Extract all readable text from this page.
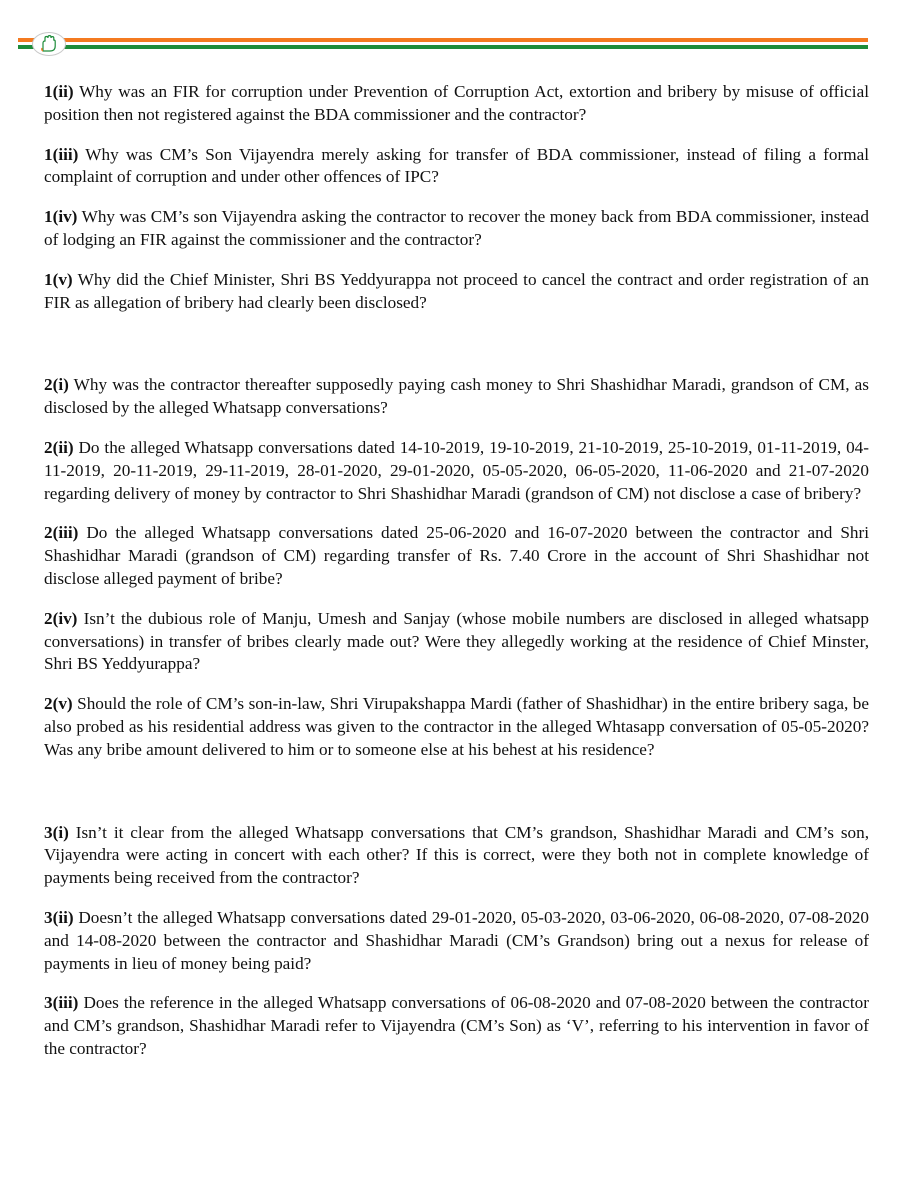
1(ii) Why was an FIR for corruption under Prevention of Corruption Act, extortion and bribery by misuse of official position then not registered against the BDA commissioner and the contractor?

1(iii) Why was CM’s Son Vijayendra merely asking for transfer of BDA commissioner, instead of filing a formal complaint of corruption and under other offences of IPC?

1(iv) Why was CM’s son Vijayendra asking the contractor to recover the money back from BDA commissioner, instead of lodging an FIR against the commissioner and the contractor?

1(v) Why did the Chief Minister, Shri BS Yeddyurappa not proceed to cancel the contract and order registration of an FIR as allegation of bribery had clearly been disclosed?

2(i) Why was the contractor thereafter supposedly paying cash money to Shri Shashidhar Maradi, grandson of CM, as disclosed by the alleged Whatsapp conversations?

2(ii) Do the alleged Whatsapp conversations dated 14-10-2019, 19-10-2019, 21-10-2019, 25-10-2019, 01-11-2019, 04-11-2019, 20-11-2019, 29-11-2019, 28-01-2020, 29-01-2020, 05-05-2020, 06-05-2020, 11-06-2020 and 21-07-2020 regarding delivery of money by contractor to Shri Shashidhar Maradi (grandson of CM) not disclose a case of bribery?

2(iii) Do the alleged Whatsapp conversations dated 25-06-2020 and 16-07-2020 between the contractor and Shri Shashidhar Maradi (grandson of CM) regarding transfer of Rs. 7.40 Crore in the account of Shri Shashidhar not disclose alleged payment of bribe?

2(iv) Isn’t the dubious role of Manju, Umesh and Sanjay (whose mobile numbers are disclosed in alleged whatsapp conversations) in transfer of bribes clearly made out? Were they allegedly working at the residence of Chief Minster, Shri BS Yeddyurappa?

2(v) Should the role of CM’s son-in-law, Shri Virupakshappa Mardi (father of Shashidhar) in the entire bribery saga, be also probed as his residential address was given to the contractor in the alleged Whtasapp conversation of 05-05-2020? Was any bribe amount delivered to him or to someone else at his behest at his residence?

3(i) Isn’t it clear from the alleged Whatsapp conversations that CM’s grandson, Shashidhar Maradi and CM’s son, Vijayendra were acting in concert with each other? If this is correct, were they both not in complete knowledge of payments being received from the contractor?

3(ii) Doesn’t the alleged Whatsapp conversations dated 29-01-2020, 05-03-2020, 03-06-2020, 06-08-2020, 07-08-2020 and 14-08-2020 between the contractor and Shashidhar Maradi (CM’s Grandson) bring out a nexus for release of payments in lieu of money being paid?

3(iii) Does the reference in the alleged Whatsapp conversations of 06-08-2020 and 07-08-2020 between the contractor and CM’s grandson, Shashidhar Maradi refer to Vijayendra (CM’s Son) as ‘V’, referring to his intervention in favor of the contractor?
